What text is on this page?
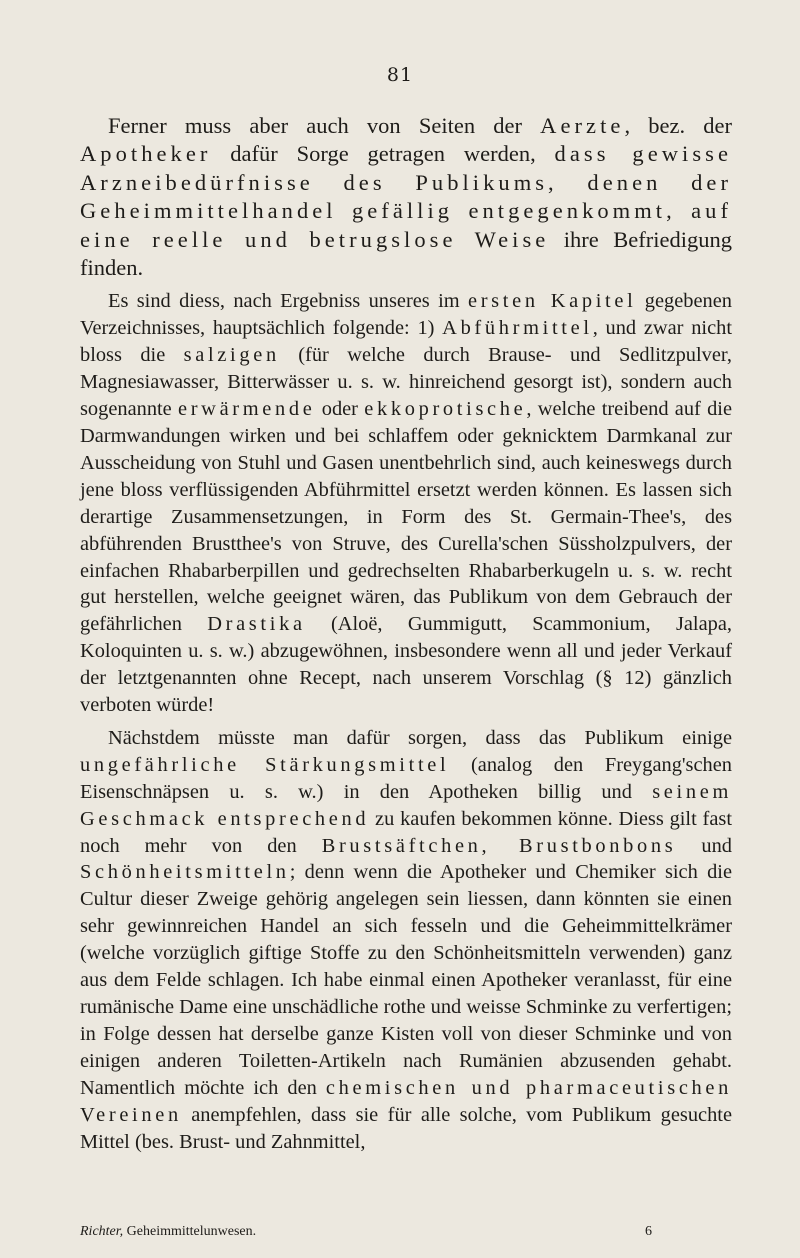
81

Ferner muss aber auch von Seiten der Aerzte, bez. der Apotheker dafür Sorge getragen werden, dass gewisse Arzneibedürfnisse des Publikums, denen der Geheimmittelhandel gefällig entgegenkommt, auf eine reelle und betrugslose Weise ihre Befriedigung finden.

Es sind diess, nach Ergebniss unseres im ersten Kapitel gegebenen Verzeichnisses, hauptsächlich folgende: 1) Abführmittel, und zwar nicht bloss die salzigen (für welche durch Brause- und Sedlitzpulver, Magnesiawasser, Bitterwässer u. s. w. hinreichend gesorgt ist), sondern auch sogenannte erwärmende oder ekkoprotische, welche treibend auf die Darmwandungen wirken und bei schlaffem oder geknicktem Darmkanal zur Ausscheidung von Stuhl und Gasen unentbehrlich sind, auch keineswegs durch jene bloss verflüssigenden Abführmittel ersetzt werden können. Es lassen sich derartige Zusammensetzungen, in Form des St. Germain-Thee's, des abführenden Brustthee's von Struve, des Curella'schen Süssholzpulvers, der einfachen Rhabarberpillen und gedrechselten Rhabarberkugeln u. s. w. recht gut herstellen, welche geeignet wären, das Publikum von dem Gebrauch der gefährlichen Drastika (Aloë, Gummigutt, Scammonium, Jalapa, Koloquinten u. s. w.) abzugewöhnen, insbesondere wenn all und jeder Verkauf der letztgenannten ohne Recept, nach unserem Vorschlag (§ 12) gänzlich verboten würde!

Nächstdem müsste man dafür sorgen, dass das Publikum einige ungefährliche Stärkungsmittel (analog den Freygang'schen Eisenschnäpsen u. s. w.) in den Apotheken billig und seinem Geschmack entsprechend zu kaufen bekommen könne. Diess gilt fast noch mehr von den Brustsäftchen, Brustbonbons und Schönheitsmitteln; denn wenn die Apotheker und Chemiker sich die Cultur dieser Zweige gehörig angelegen sein liessen, dann könnten sie einen sehr gewinnreichen Handel an sich fesseln und die Geheimmittelkrämer (welche vorzüglich giftige Stoffe zu den Schönheitsmitteln verwenden) ganz aus dem Felde schlagen. Ich habe einmal einen Apotheker veranlasst, für eine rumänische Dame eine unschädliche rothe und weisse Schminke zu verfertigen; in Folge dessen hat derselbe ganze Kisten voll von dieser Schminke und von einigen anderen Toiletten-Artikeln nach Rumänien abzusenden gehabt. Namentlich möchte ich den chemischen und pharmaceutischen Vereinen anempfehlen, dass sie für alle solche, vom Publikum gesuchte Mittel (bes. Brust- und Zahnmittel,

Richter, Geheimmittelunwesen.	6
